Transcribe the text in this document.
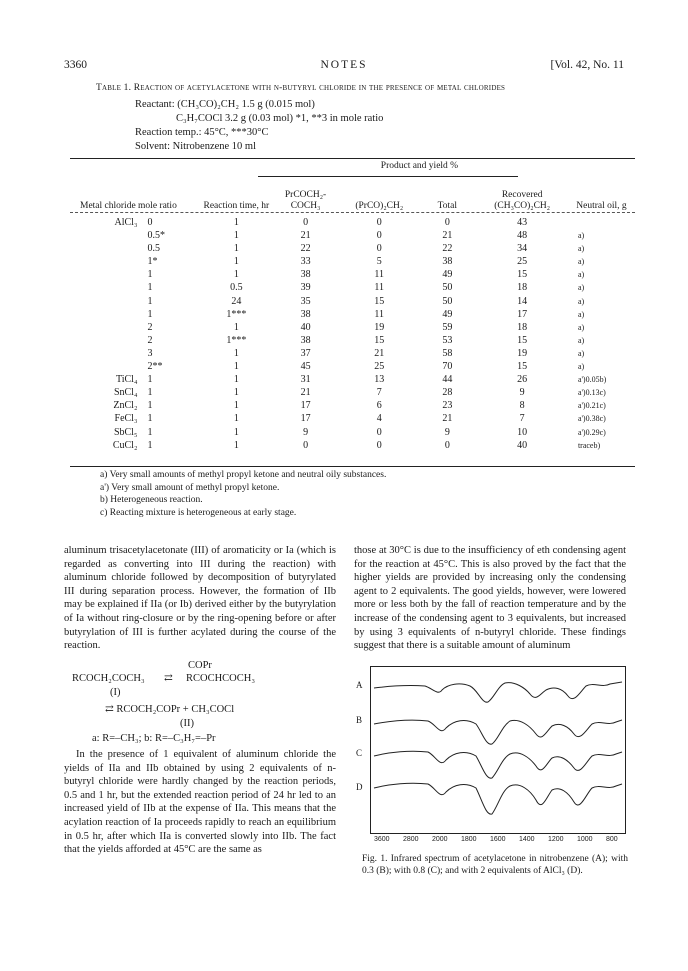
3360	NOTES	[Vol. 42, No. 11
Table 1. Reaction of acetylacetone with n-butyryl chloride in the presence of metal chlorides
Reactant: (CH₃CO)₂CH₂ 1.5 g (0.015 mol)
C₃H₇COCl 3.2 g (0.03 mol) *1, **3 in mole ratio
Reaction temp.: 45°C, ***30°C
Solvent: Nitrobenzene 10 ml
			Product and yield %				
Metal chloride mole ratio		Reaction time, hr	PrCOCH₂-COCH₃	(PrCO)₂CH₂	Total	Recovered (CH₃CO)₂CH₂	Neutral oil, g

AlCl₃	0	1	0	0	0	43	
	0.5*	1	21	0	21	48	a)
	0.5	1	22	0	22	34	a)
	1*	1	33	5	38	25	a)
	1	1	38	11	49	15	a)
	1	0.5	39	11	50	18	a)
	1	24	35	15	50	14	a)
	1	1***	38	11	49	17	a)
	2	1	40	19	59	18	a)
	2	1***	38	15	53	15	a)
	3	1	37	21	58	19	a)
	2**	1	45	25	70	15	a)
TiCl₄	1	1	31	13	44	26	a')0.05b)
SnCl₄	1	1	21	7	28	9	a')0.13c)
ZnCl₂	1	1	17	6	23	8	a')0.21c)
FeCl₃	1	1	17	4	21	7	a')0.38c)
SbCl₅	1	1	9	0	9	10	a')0.29c)
CuCl₂	1	1	0	0	0	40	traceb)
a) Very small amounts of methyl propyl ketone and neutral oily substances.
a') Very small amount of methyl propyl ketone.
b) Heterogeneous reaction.
c) Reacting mixture is heterogeneous at early stage.
aluminum trisacetylacetonate (III) of aromaticity or Ia (which is regarded as converting into III during the reaction) with aluminum chloride followed by decomposition of butyrylated III during separation process. However, the formation of IIb may be explained if IIa (or Ib) derived either by the butyrylation of Ia without ring-closure or by the ring-opening before or after butyrylation of III is further acylated during the course of the reaction.
COPr
RCOCH₂COCH₃ ⇄ RCOCHCOCH₃
(I)
⇄ RCOCH₂COPr + CH₃COCl
(II)
a: R=–CH₃; b: R=–C₃H₇=–Pr
In the presence of 1 equivalent of aluminum chloride the yields of IIa and IIb obtained by using 2 equivalents of n-butyryl chloride were hardly changed by the reaction periods, 0.5 and 1 hr, but the extended reaction period of 24 hr led to an increased yield of IIb at the expense of IIa. This means that the acylation reaction of Ia proceeds rapidly to reach an equilibrium in 0.5 hr, after which IIa is converted slowly into IIb. The fact that the yields afforded at 45°C are the same as
those at 30°C is due to the insufficiency of eth condensing agent for the reaction at 45°C. This is also proved by the fact that the higher yields are provided by increasing only the condensing agent to 2 equivalents. The good yields, however, were lowered more or less both by the fall of reaction temperature and by the increase of the condensing agent to 3 equivalents, but increased by using 3 equivalents of n-butyryl chloride. These findings suggest that there is a suitable amount of aluminum
A
B
C
D
3600 2800 2000 1800 1600 1400 1200 1000 800
Fig. 1. Infrared spectrum of acetylacetone in nitrobenzene (A); with 0.3 (B); with 0.8 (C); and with 2 equivalents of AlCl₃ (D).
